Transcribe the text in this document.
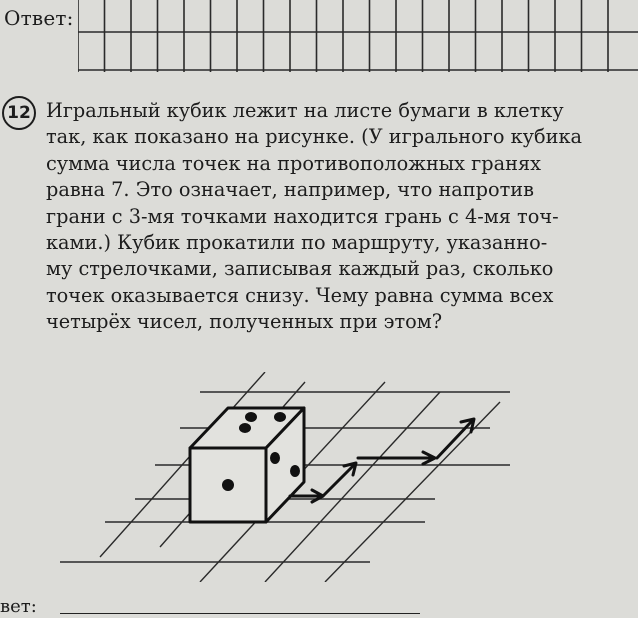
Ответ:
12 Игральный кубик лежит на листе бумаги в клетку
так, как показано на рисунке. (У игрального кубика
сумма числа точек на противоположных гранях
равна 7. Это означает, например, что напротив
грани с 3-мя точками находится грань с 4-мя точ-
ками.) Кубик прокатили по маршруту, указанно-
му стрелочками, записывая каждый раз, сколько
точек оказывается снизу. Чему равна сумма всех
четырёх чисел, полученных при этом?

вет:
